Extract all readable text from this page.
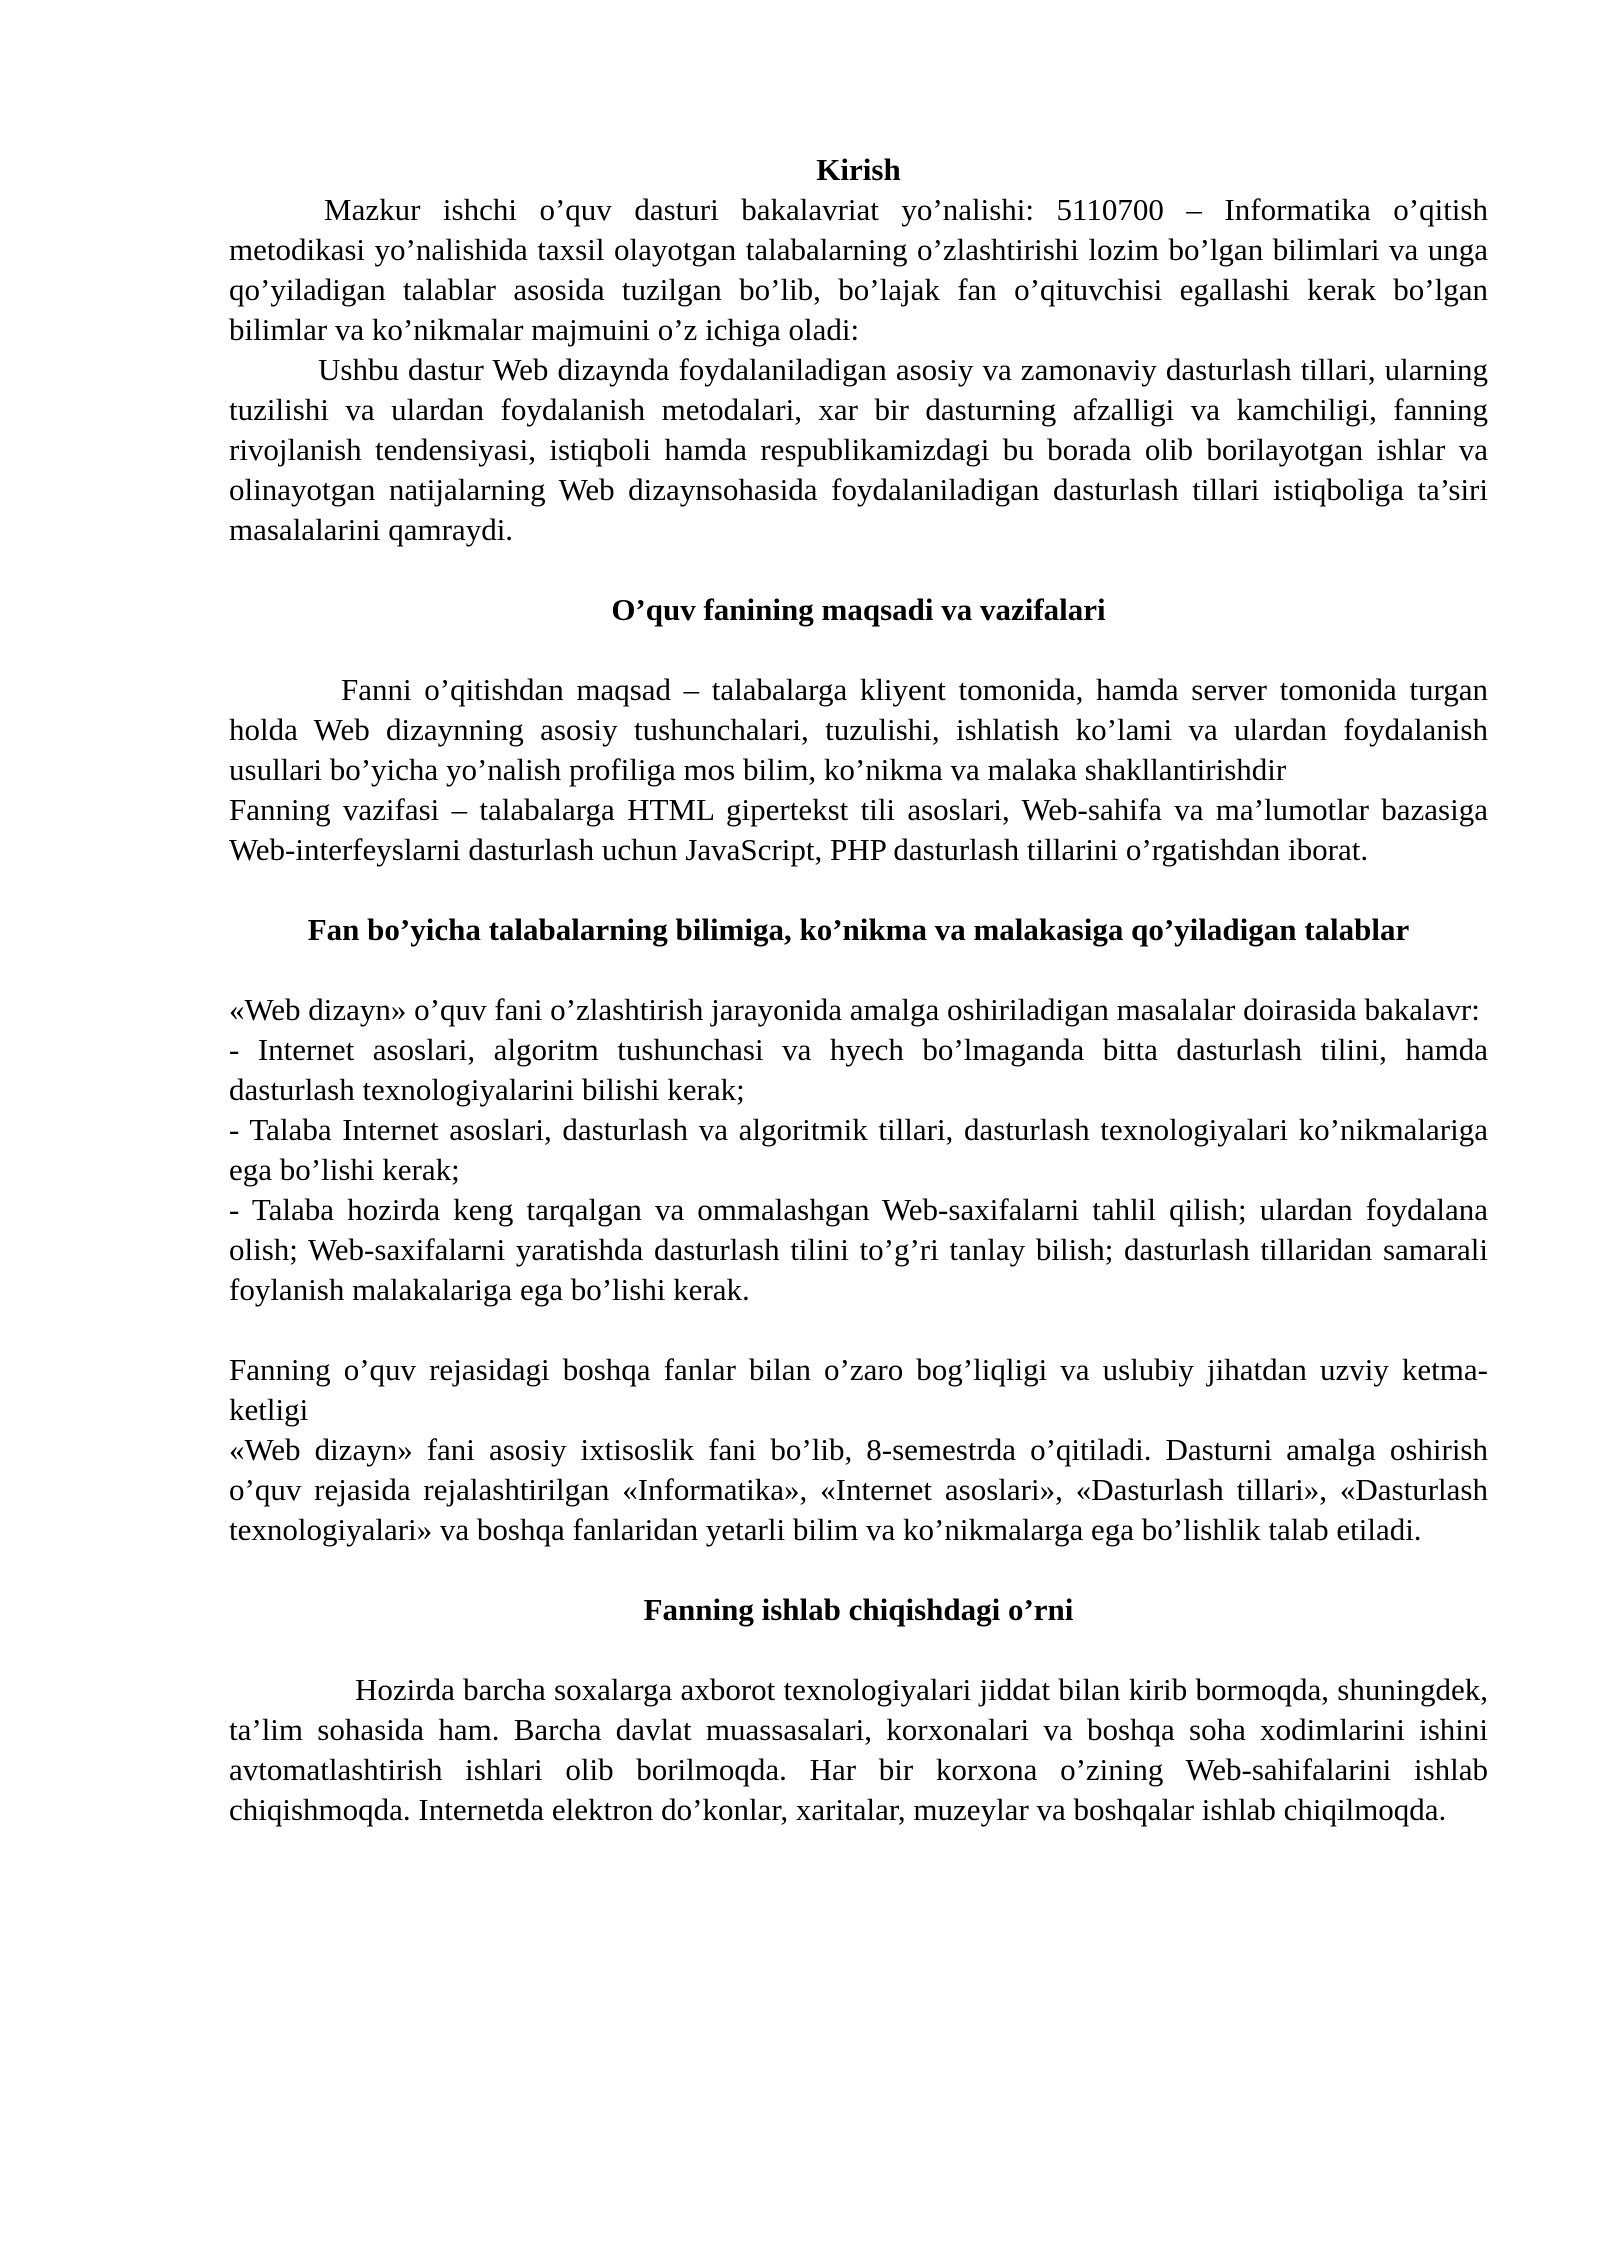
Kirish

Mazkur ishchi o’quv dasturi bakalavriat yo’nalishi: 5110700 – Informatika o’qitish metodikasi yo’nalishida taxsil olayotgan talabalarning o’zlashtirishi lozim bo’lgan bilimlari va unga qo’yiladigan talablar asosida tuzilgan bo’lib, bo’lajak fan o’qituvchisi egallashi kerak bo’lgan bilimlar va ko’nikmalar majmuini o’z ichiga oladi:

Ushbu dastur Web dizaynda foydalaniladigan asosiy va zamonaviy dasturlash tillari, ularning tuzilishi va ulardan foydalanish metodalari, xar bir dasturning afzalligi va kamchiligi, fanning rivojlanish tendensiyasi, istiqboli hamda respublikamizdagi bu borada olib borilayotgan ishlar va olinayotgan natijalarning Web dizaynsohasida foydalaniladigan dasturlash tillari istiqboliga ta’siri masalalarini qamraydi.

O’quv fanining maqsadi va vazifalari

Fanni o’qitishdan maqsad – talabalarga kliyent tomonida, hamda server tomonida turgan holda Web dizaynning asosiy tushunchalari, tuzulishi, ishlatish ko’lami va ulardan foydalanish usullari bo’yicha yo’nalish profiliga mos bilim, ko’nikma va malaka shakllantirishdir

Fanning vazifasi – talabalarga HTML gipertekst tili asoslari, Web-sahifa va ma’lumotlar bazasiga Web-interfeyslarni dasturlash uchun JavaScript, PHP dasturlash tillarini o’rgatishdan iborat.

Fan bo’yicha talabalarning bilimiga, ko’nikma va malakasiga qo’yiladigan talablar

«Web dizayn» o’quv fani o’zlashtirish jarayonida amalga oshiriladigan masalalar doirasida bakalavr:

- Internet asoslari, algoritm tushunchasi va hyech bo’lmaganda bitta dasturlash tilini, hamda dasturlash texnologiyalarini bilishi kerak;

- Talaba Internet asoslari, dasturlash va algoritmik tillari, dasturlash texnologiyalari ko’nikmalariga ega bo’lishi kerak;

- Talaba hozirda keng tarqalgan va ommalashgan Web-saxifalarni tahlil qilish; ulardan foydalana olish; Web-saxifalarni yaratishda dasturlash tilini to’g’ri tanlay bilish; dasturlash tillaridan samarali foylanish malakalariga ega bo’lishi kerak.

Fanning o’quv rejasidagi boshqa fanlar bilan o’zaro bog’liqligi va uslubiy jihatdan uzviy ketma-ketligi

«Web dizayn» fani asosiy ixtisoslik fani bo’lib, 8-semestrda o’qitiladi. Dasturni amalga oshirish o’quv rejasida rejalashtirilgan «Informatika», «Internet asoslari», «Dasturlash tillari», «Dasturlash texnologiyalari» va boshqa fanlaridan yetarli bilim va ko’nikmalarga ega bo’lishlik talab etiladi.

Fanning ishlab chiqishdagi o’rni

Hozirda barcha soxalarga axborot texnologiyalari jiddat bilan kirib bormoqda, shuningdek, ta’lim sohasida ham. Barcha davlat muassasalari, korxonalari va boshqa soha xodimlarini ishini avtomatlashtirish ishlari olib borilmoqda. Har bir korxona o’zining Web-sahifalarini ishlab chiqishmoqda. Internetda elektron do’konlar, xaritalar, muzeylar va boshqalar ishlab chiqilmoqda.
